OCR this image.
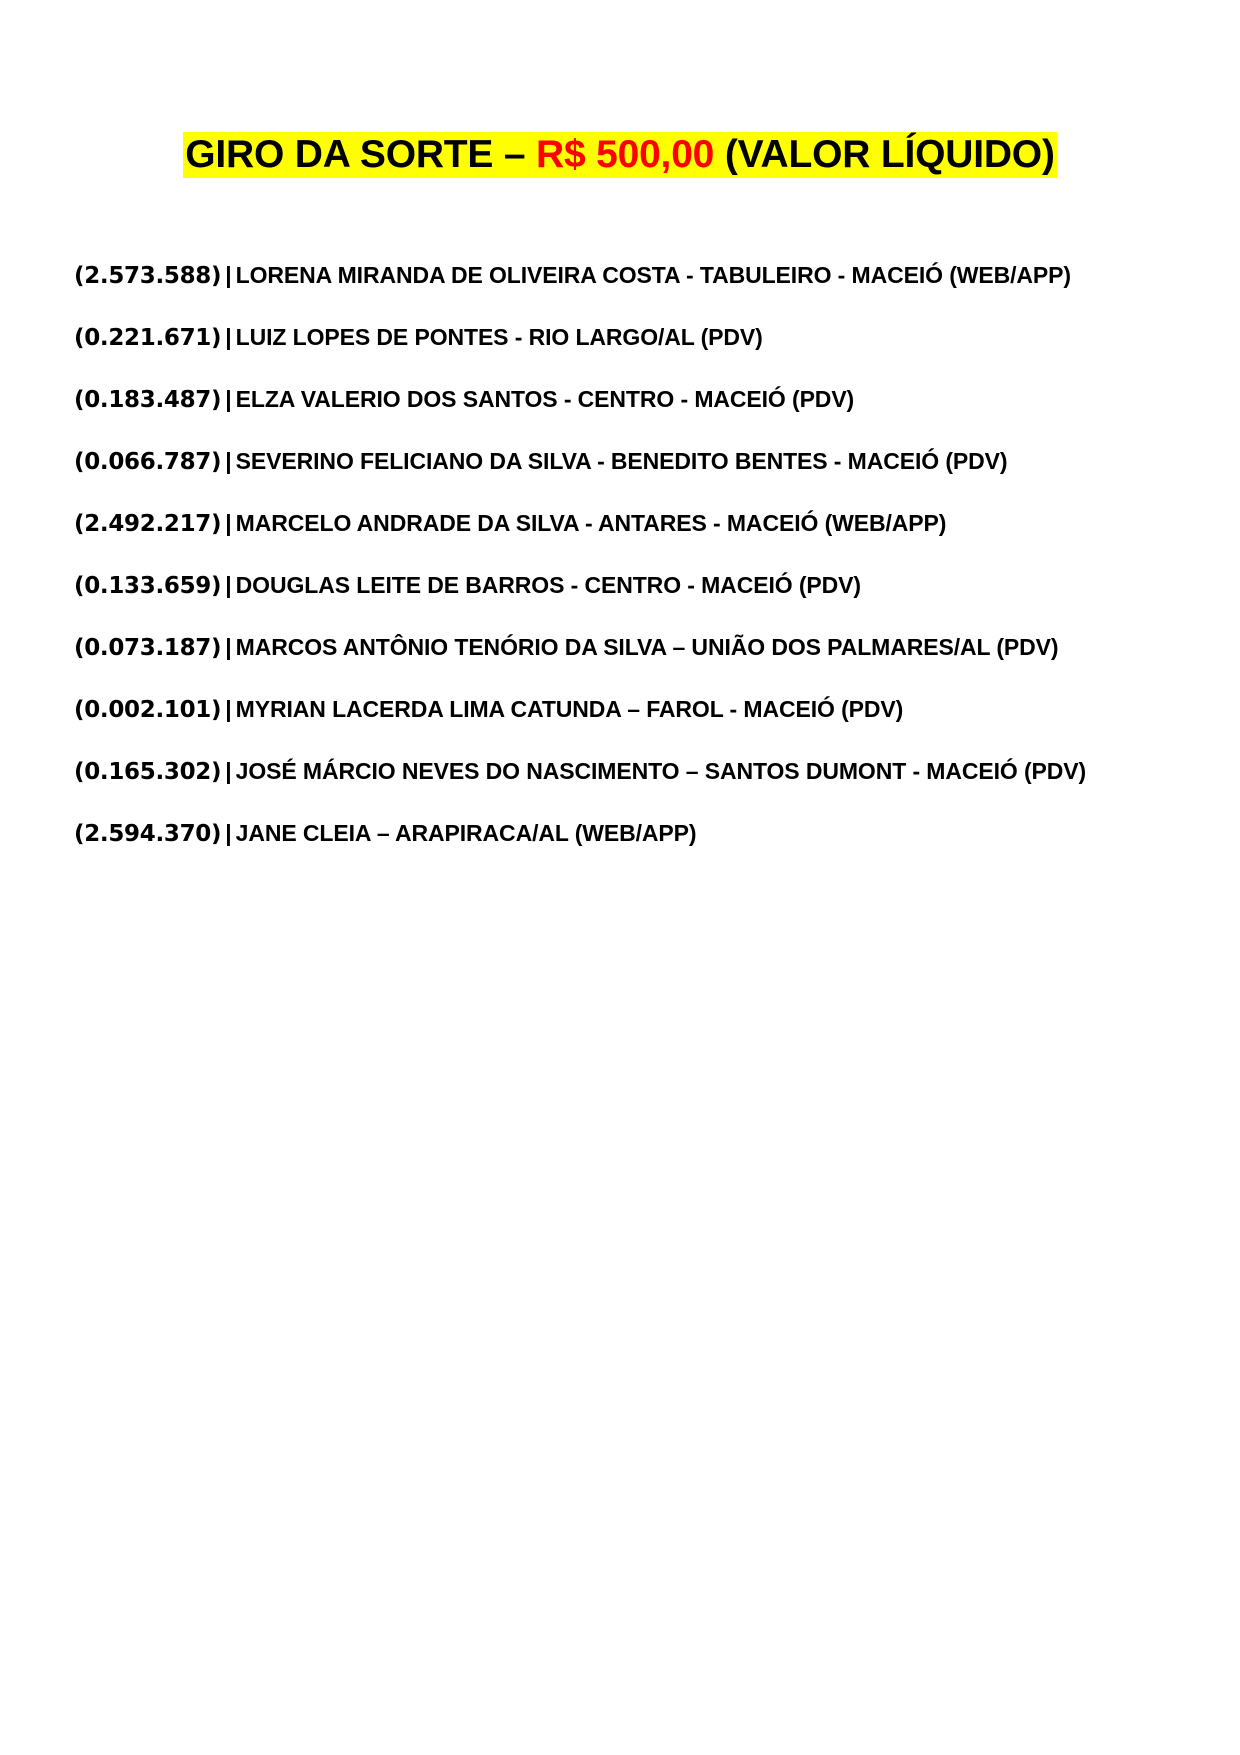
GIRO DA SORTE – R$ 500,00 (VALOR LÍQUIDO)
(2.573.588) | LORENA MIRANDA DE OLIVEIRA COSTA - TABULEIRO - MACEIÓ (WEB/APP)
(0.221.671) | LUIZ LOPES DE PONTES - RIO LARGO/AL (PDV)
(0.183.487) | ELZA VALERIO DOS SANTOS - CENTRO - MACEIÓ (PDV)
(0.066.787) | SEVERINO FELICIANO DA SILVA - BENEDITO BENTES - MACEIÓ (PDV)
(2.492.217) | MARCELO ANDRADE DA SILVA - ANTARES - MACEIÓ (WEB/APP)
(0.133.659) | DOUGLAS LEITE DE BARROS - CENTRO - MACEIÓ (PDV)
(0.073.187) | MARCOS ANTÔNIO TENÓRIO DA SILVA – UNIÃO DOS PALMARES/AL (PDV)
(0.002.101) | MYRIAN LACERDA LIMA CATUNDA – FAROL - MACEIÓ (PDV)
(0.165.302) | JOSÉ MÁRCIO NEVES DO NASCIMENTO – SANTOS DUMONT - MACEIÓ (PDV)
(2.594.370) | JANE CLEIA – ARAPIRACA/AL (WEB/APP)
